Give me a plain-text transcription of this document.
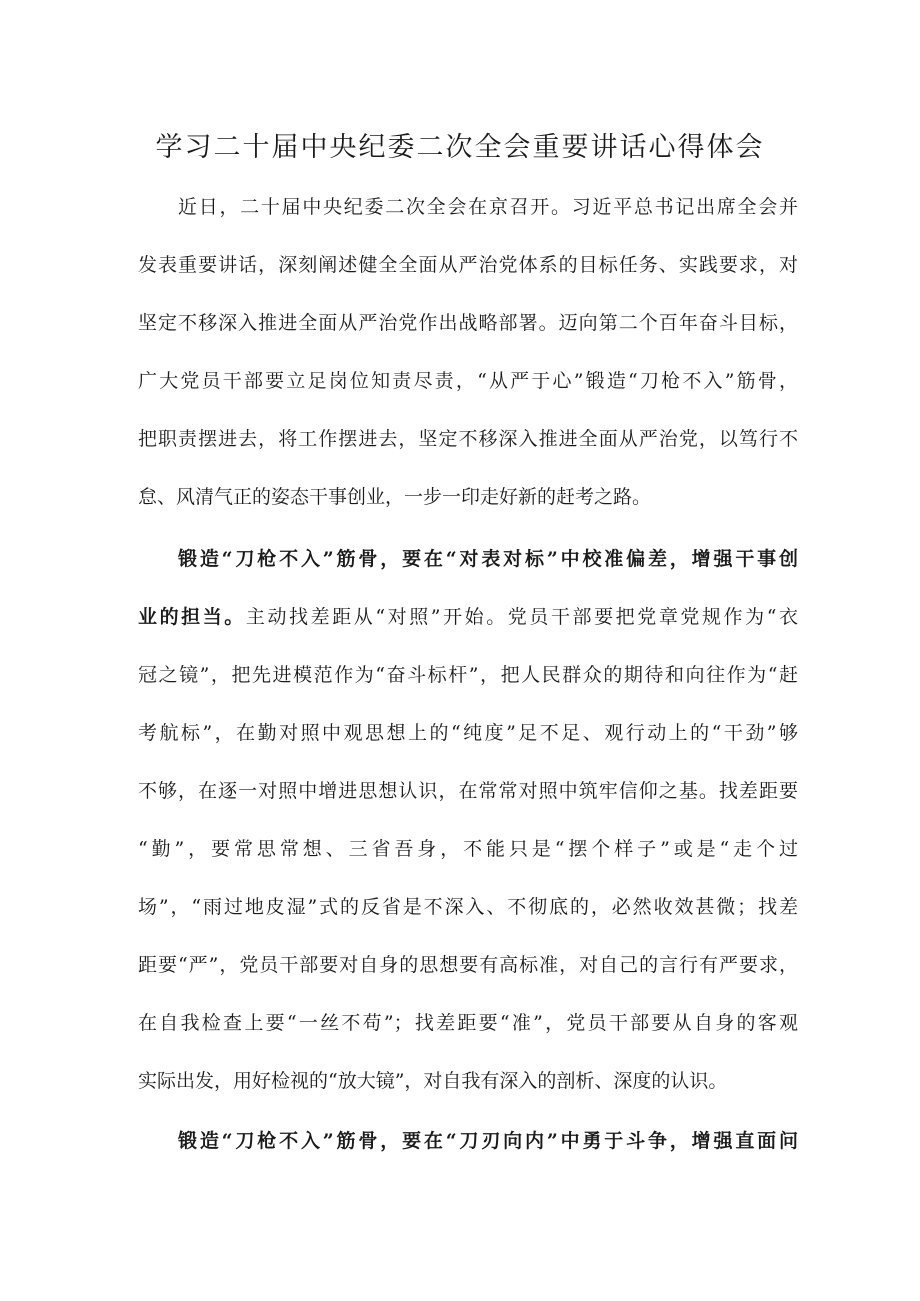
学习二十届中央纪委二次全会重要讲话心得体会
近日，二十届中央纪委二次全会在京召开。习近平总书记出席全会并
发表重要讲话，深刻阐述健全全面从严治党体系的目标任务、实践要求，对
坚定不移深入推进全面从严治党作出战略部署。迈向第二个百年奋斗目标，
广大党员干部要立足岗位知责尽责，“从严于心”锻造“刀枪不入”筋骨，
把职责摆进去，将工作摆进去，坚定不移深入推进全面从严治党，以笃行不
怠、风清气正的姿态干事创业，一步一印走好新的赶考之路。
锻造“刀枪不入”筋骨，要在“对表对标”中校准偏差，增强干事创
业的担当。主动找差距从“对照”开始。党员干部要把党章党规作为“衣
冠之镜”，把先进模范作为“奋斗标杆”，把人民群众的期待和向往作为“赶
考航标”，在勤对照中观思想上的“纯度”足不足、观行动上的“干劲”够
不够，在逐一对照中增进思想认识，在常常对照中筑牢信仰之基。找差距要
“勤”，要常思常想、三省吾身，不能只是“摆个样子”或是“走个过
场”，“雨过地皮湿”式的反省是不深入、不彻底的，必然收效甚微；找差
距要“严”，党员干部要对自身的思想要有高标准，对自己的言行有严要求，
在自我检查上要“一丝不苟”；找差距要“准”，党员干部要从自身的客观
实际出发，用好检视的“放大镜”，对自我有深入的剖析、深度的认识。
锻造“刀枪不入”筋骨，要在“刀刃向内”中勇于斗争，增强直面问
